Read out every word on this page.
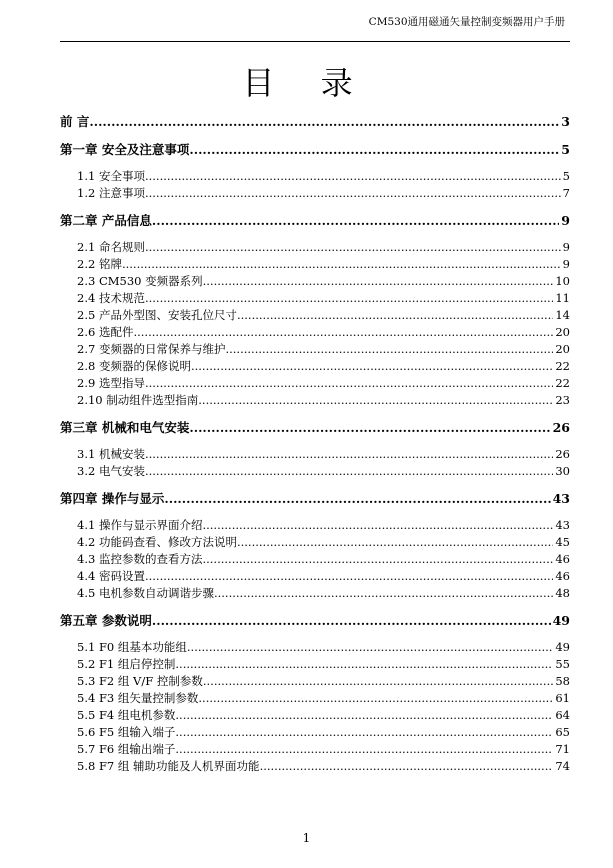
CM530通用磁通矢量控制变频器用户手册
目 录
前 言 .....	3
第一章 安全及注意事项 .....	5
1.1 安全事项 .....	5
1.2 注意事项 .....	7
第二章 产品信息 .....	9
2.1 命名规则 .....	9
2.2 铭牌 .....	9
2.3 CM530 变频器系列 .....	10
2.4 技术规范 .....	11
2.5 产品外型图、安装孔位尺寸 .....	14
2.6 选配件 .....	20
2.7 变频器的日常保养与维护 .....	20
2.8 变频器的保修说明 .....	22
2.9 选型指导 .....	22
2.10 制动组件选型指南 .....	23
第三章 机械和电气安装 .....	26
3.1 机械安装 .....	26
3.2 电气安装 .....	30
第四章 操作与显示 .....	43
4.1 操作与显示界面介绍 .....	43
4.2 功能码查看、修改方法说明 .....	45
4.3 监控参数的查看方法 .....	46
4.4 密码设置 .....	46
4.5 电机参数自动调谐步骤 .....	48
第五章 参数说明 .....	49
5.1 F0 组基本功能组 .....	49
5.2 F1 组启停控制 .....	55
5.3 F2 组 V/F 控制参数 .....	58
5.4 F3 组矢量控制参数 .....	61
5.5 F4 组电机参数 .....	64
5.6 F5 组输入端子 .....	65
5.7 F6 组输出端子 .....	71
5.8 F7 组 辅助功能及人机界面功能 .....	74
1
